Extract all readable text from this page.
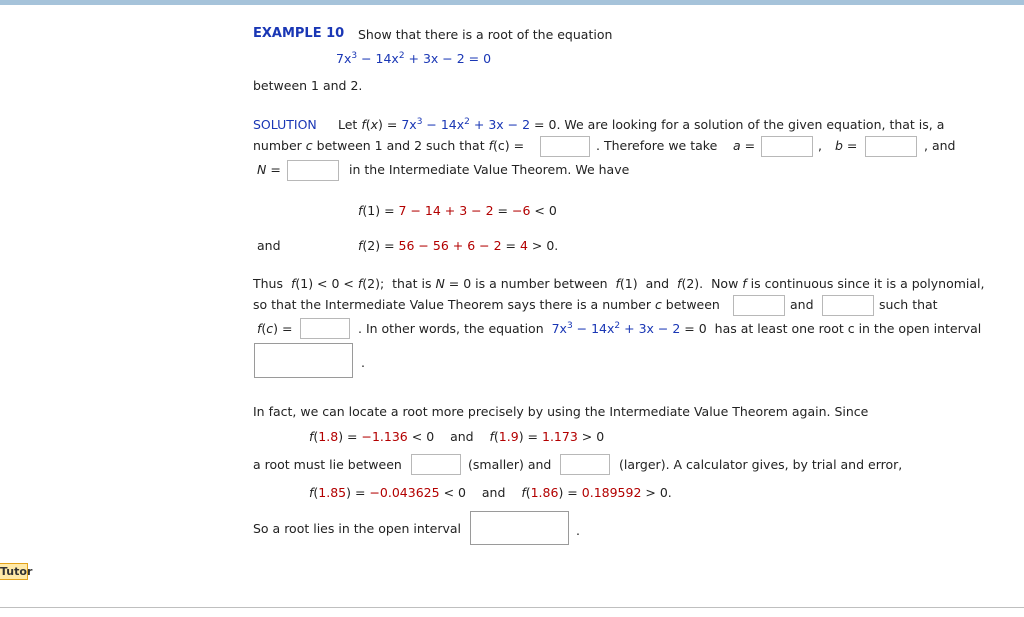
EXAMPLE 10 Show that there is a root of the equation
$7x^3 - 14x^2 + 3x - 2 = 0$
between 1 and 2.
SOLUTION Let $f(x) = 7x^3 - 14x^2 + 3x - 2 = 0$. We are looking for a solution of the given equation, that is, a
number c between 1 and 2 such that f(c) =	. Therefore we take a =	, b =	, and
N =	in the Intermediate Value Theorem. We have
f(1) = 7 − 14 + 3 − 2 = −6 < 0
and	f(2) = 56 − 56 + 6 − 2 = 4 > 0.
Thus  f(1) < 0 < f(2);  that is N = 0 is a number between  f(1)  and  f(2).  Now f is continuous since it is a polynomial,
so that the Intermediate Value Theorem says there is a number c between	and	such that
f(c) =	. In other words, the equation $7x^3 - 14x^2 + 3x - 2 = 0$  has at least one root c in the open interval
.
In fact, we can locate a root more precisely by using the Intermediate Value Theorem again. Since
f(1.8) = −1.136 < 0 and f(1.9) = 1.173 > 0
a root must lie between	(smaller) and	(larger). A calculator gives, by trial and error,
f(1.85) = −0.043625 < 0 and f(1.86) = 0.189592 > 0.
So a root lies in the open interval	.
Tutor
